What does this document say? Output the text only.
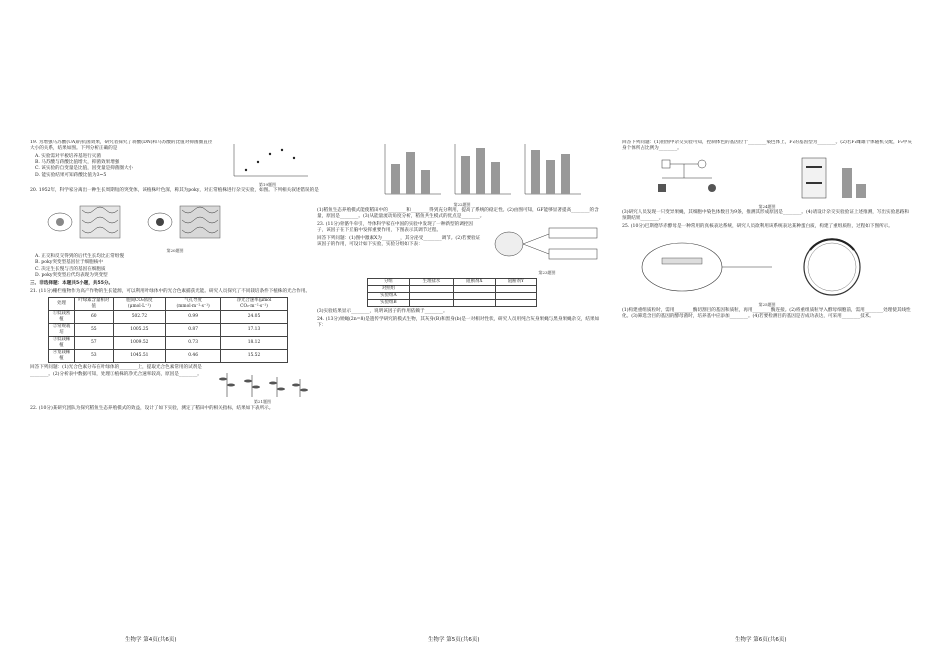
19. 为增强马苏酸(UA)的抗菌效果，研究者探究了蒋酸(DN)和马苏酸的比值对抑菌圈直径大小的关系，结果如图。下列分析正确的是

A. 实验需对平板培养基进行灭菌
B. 马苏酸与蒋酸比值增大，抑菌效果增强
C. 该实验的自变量是比值，因变量是抑菌圈大小
D. 能实验结果可知蒋酸比值为3~5

第19题图

20. 1952年，科学家分离出一种生长周期短的突变体，该植株叶色深，称其为poky，对正常植株进行杂交实验，如图。下列相关叙述错误的是

第20题图
A. 正交和反交得到的后代生长均比正常组慢
B. poky突变型基因位于细胞核中
C. 决定生长慢与否的基因在细胞质
D. poky突变型后代均表现为突变型
三、非选择题：本题共5小题，共55分。

21. (11分)栅栏植物作为高产作物的生长能源，可以利用叶绿体中的光合色素捕获光能。研究人员探究了不同栽培条件下植株的光合作用。

处理	叶绿素含量相对值	胞间CO₂浓度(μmol·L⁻¹)	气孔导度(mmol·m⁻²·s⁻¹)	净光合速率(μmol CO₂·m⁻²·s⁻¹)
①低栽密植	60	502.72	0.99	24.05
②常规栽培	55	1005.25	0.87	17.13
③低栽稀植	57	1009.52	0.73	18.12
④宽栽稀植	53	1045.51	0.46	15.52

回答下列问题：(1)光合色素分布在叶绿体的________上，提取光合色素常用的试剂是________。(2)分析表中数据可知，处理①植株的净光合速率较高，原因是________。

第21题图

22. (10分)某研究团队为探究稻鱼生态养殖模式的效益，设计了如下实验，测定了稻田中的相关指标，结果如下表所示。

第22题图

(1)稻鱼生态养殖模式能使稻田中的________和________得到充分利用，提高了系统的稳定性。(2)由图可知，GF能够显著提高________的含量，原因是________。(3)从能量流动角度分析，稻鱼共生模式的优点是________。

23. (11分)骨骼牛牵引，导体科学家在中国的实验中发现了一种新型的调控因子，该因子在下丘脑中发挥重要作用，下图表示其调节过程。

回答下列问题：(1)图中激素X为________，其分泌受________调节。(2)若要验证该因子的作用，可设计如下实验，实验分组如下表：

第23题图
分组	生理盐水	阻断剂X	阻断剂Y
对照组			
实验组A			
实验组B			

(3)实验结果显示________，说明该因子的作用依赖于________。

24. (13分)果蝇(2n=8)是遗传学研究的模式生物，其灰身(B)和黑身(b)是一对相对性状，研究人员用纯合灰身果蝇与黑身果蝇杂交，结果如下：

回答下列问题：(1)由图中杂交实验可知，控制体色的基因位于________染色体上，F₁的基因型为________。(2)若F₁雌雄个体随机交配，F₂中灰身个体所占比例为________。

第24题图

(3)研究人员发现一只变异果蝇，其细胞中染色体数目为9条，推测其形成原因是________。(4)请设计杂交实验验证上述推测，写出实验思路和预期结果________。

25. (10分)巴斯德毕赤酵母是一种常用的真核表达系统，研究人员欲利用该系统表达某种蛋白质，构建了重组质粒，过程如下图所示。

第25题图

(1)构建重组质粒时，需用________酶切割目的基因和质粒，再用________酶连接。(2)将重组质粒导入酵母细胞前，需用________处理使其线性化。(3)筛选含目的基因的酵母菌时，培养基中应添加________。(4)若要检测目的基因是否成功表达，可采用________技术。

生物学 第4页(共6页)	生物学 第5页(共6页)	生物学 第6页(共6页)
